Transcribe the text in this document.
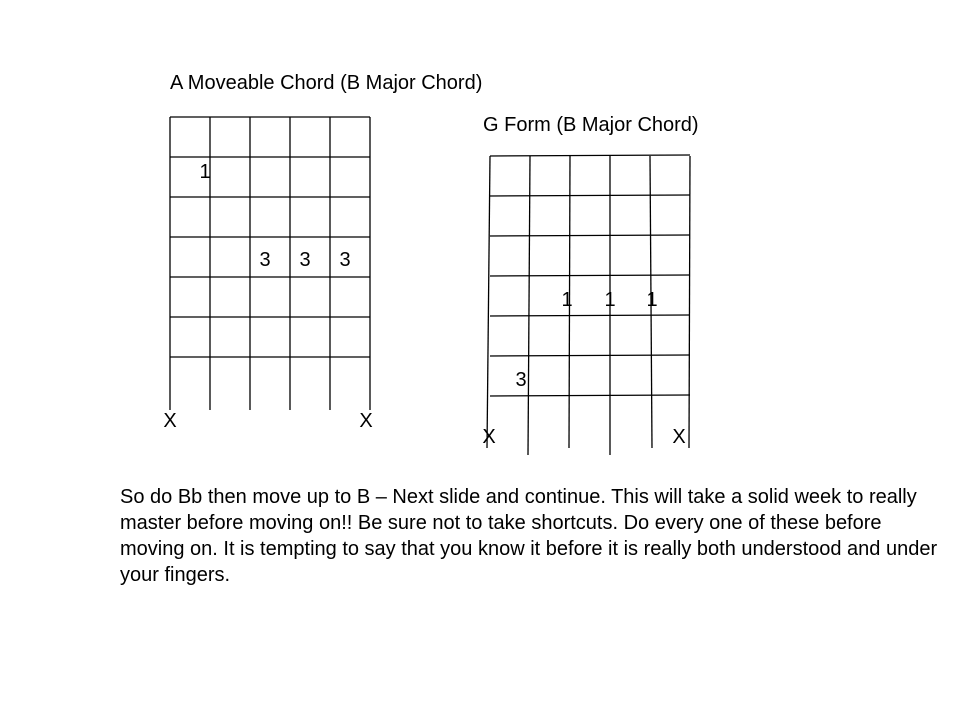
A Moveable Chord (B Major Chord)
G Form (B Major Chord)
1
3 3 3
X	X
1 1 1
3
X	X

So do Bb then move up to B – Next slide and continue. This will take a solid week to really master before moving on!! Be sure not to take shortcuts. Do every one of these before moving on. It is tempting to say that you know it before it is really both understood and under your fingers.
